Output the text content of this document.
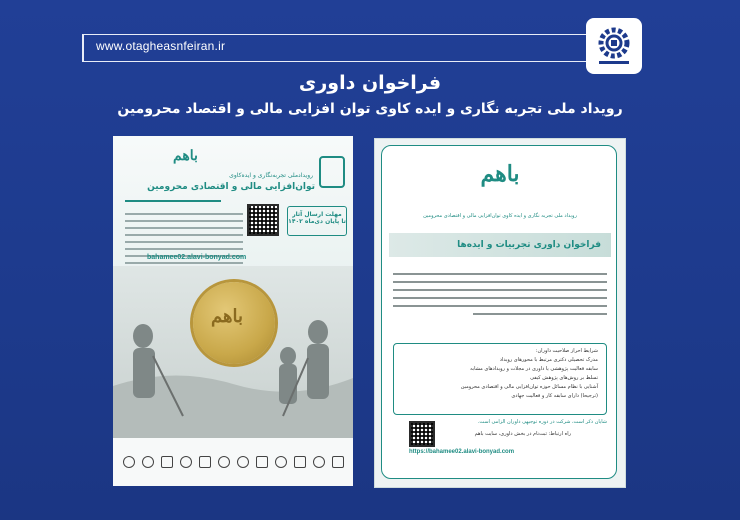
www.otagheasnfeiran.ir
فراخوان داوری
رویداد ملی تجربه نگاری و ایده کاوی توان افزایی مالی و اقتصاد محرومین
باهم
رویدادملی تجربه‌نگاری و ایده‌کاوی
توان‌افزایی مالی و اقتصادی محرومین
مهلت ارسال آثار
تا پایان دی‌ماه ۱۴۰۲
bahamee02.alavi-bonyad.com
باهم
باهم
رویداد ملی تجربه نگاری و ایده کاوی توان‌افزایی مالی و اقتصادی محرومین
فراخوان داوری تجربیات و ایده‌ها
شرایط احراز صلاحیت داوران:
مدرک تحصیلی دکتری مرتبط با محورهای رویداد
سابقه فعالیت پژوهشی یا داوری در مجلات و رویدادهای مشابه
تسلط بر روش‌های پژوهش کیفی
آشنایی با نظام مسائل حوزه توان‌افزایی مالی و اقتصادی محرومین
(ترجیحا) دارای سابقه کار و فعالیت جهادی
شایان ذکر است، شرکت در دوره توجیهی داوران الزامی است.
راه ارتباط: ثبت‌نام در بخش داوری، سایت باهم
https://bahamee02.alavi-bonyad.com
